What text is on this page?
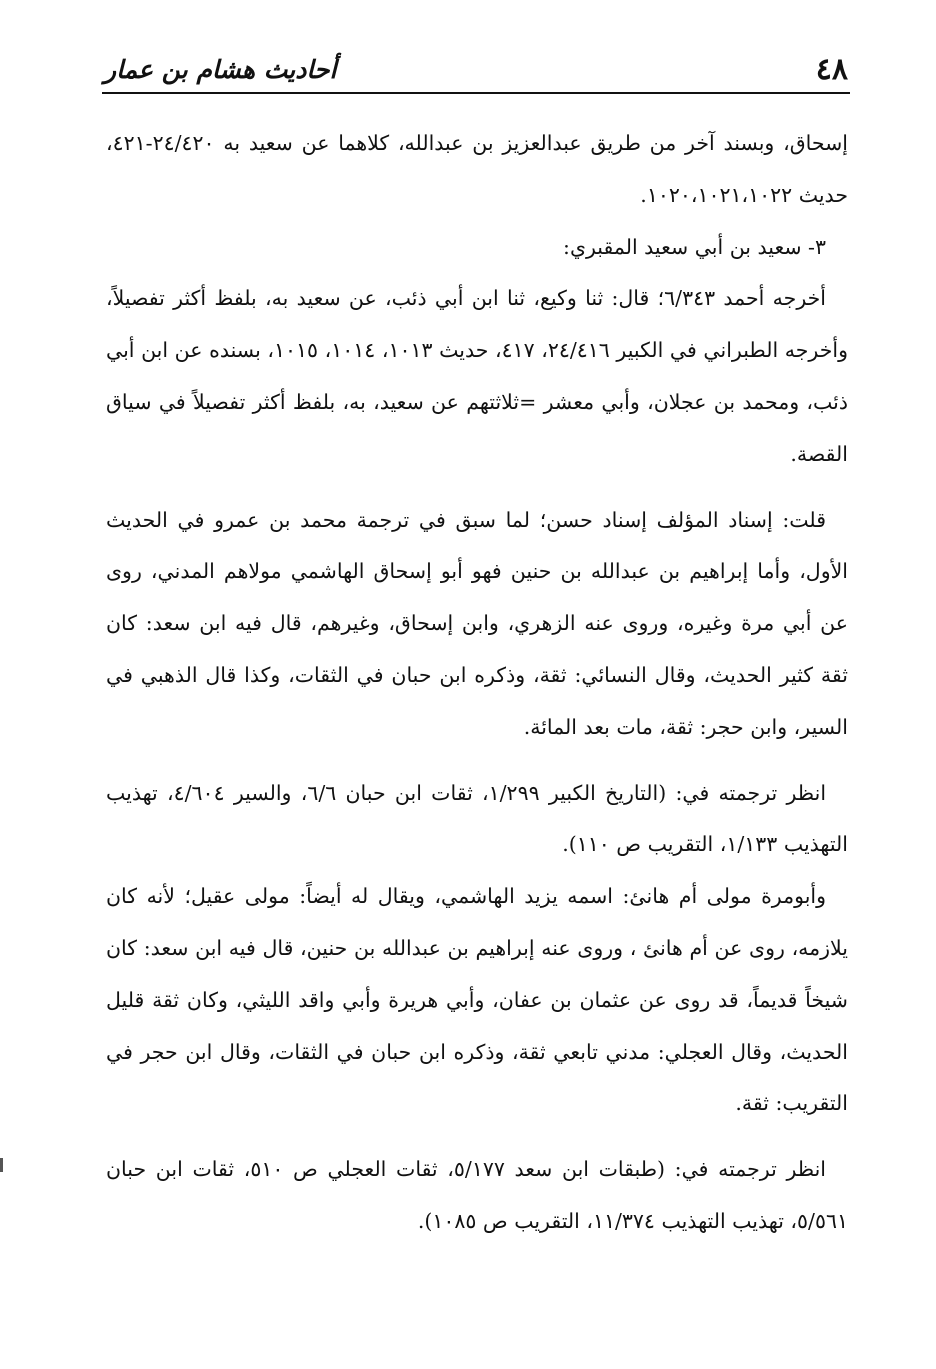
٤٨
أحاديث هشام بن عمار

إسحاق، وبسند آخر من طريق عبدالعزيز بن عبدالله، كلاهما عن سعيد به ٢٤/٤٢٠-٤٢١، حديث ١٠٢٠،١٠٢١،١٠٢٢.

٣- سعيد بن أبي سعيد المقبري:

أخرجه أحمد ٦/٣٤٣؛ قال: ثنا وكيع، ثنا ابن أبي ذئب، عن سعيد به، بلفظ أكثر تفصيلاً، وأخرجه الطبراني في الكبير ٢٤/٤١٦، ٤١٧، حديث ١٠١٣، ١٠١٤، ١٠١٥، بسنده عن ابن أبي ذئب، ومحمد بن عجلان، وأبي معشر =ثلاثتهم عن سعيد، به، بلفظ أكثر تفصيلاً في سياق القصة.

قلت: إسناد المؤلف إسناد حسن؛ لما سبق في ترجمة محمد بن عمرو في الحديث الأول، وأما إبراهيم بن عبدالله بن حنين فهو أبو إسحاق الهاشمي مولاهم المدني، روى عن أبي مرة وغيره، وروى عنه الزهري، وابن إسحاق، وغيرهم، قال فيه ابن سعد: كان ثقة كثير الحديث، وقال النسائي: ثقة، وذكره ابن حبان في الثقات، وكذا قال الذهبي في السير، وابن حجر: ثقة، مات بعد المائة.

انظر ترجمته في: (التاريخ الكبير ١/٢٩٩، ثقات ابن حبان ٦/٦، والسير ٤/٦٠٤، تهذيب التهذيب ١/١٣٣، التقريب ص ١١٠).

وأبومرة مولى أم هانئ: اسمه يزيد الهاشمي، ويقال له أيضاً: مولى عقيل؛ لأنه كان يلازمه، روى عن أم هانئ ، وروى عنه إبراهيم بن عبدالله بن حنين، قال فيه ابن سعد: كان شيخاً قديماً، قد روى عن عثمان بن عفان، وأبي هريرة وأبي واقد الليثي، وكان ثقة قليل الحديث، وقال العجلي: مدني تابعي ثقة، وذكره ابن حبان في الثقات، وقال ابن حجر في التقريب: ثقة.

انظر ترجمته في: (طبقات ابن سعد ٥/١٧٧، ثقات العجلي ص ٥١٠، ثقات ابن حبان ٥/٥٦١، تهذيب التهذيب ١١/٣٧٤، التقريب ص ١٠٨٥).
